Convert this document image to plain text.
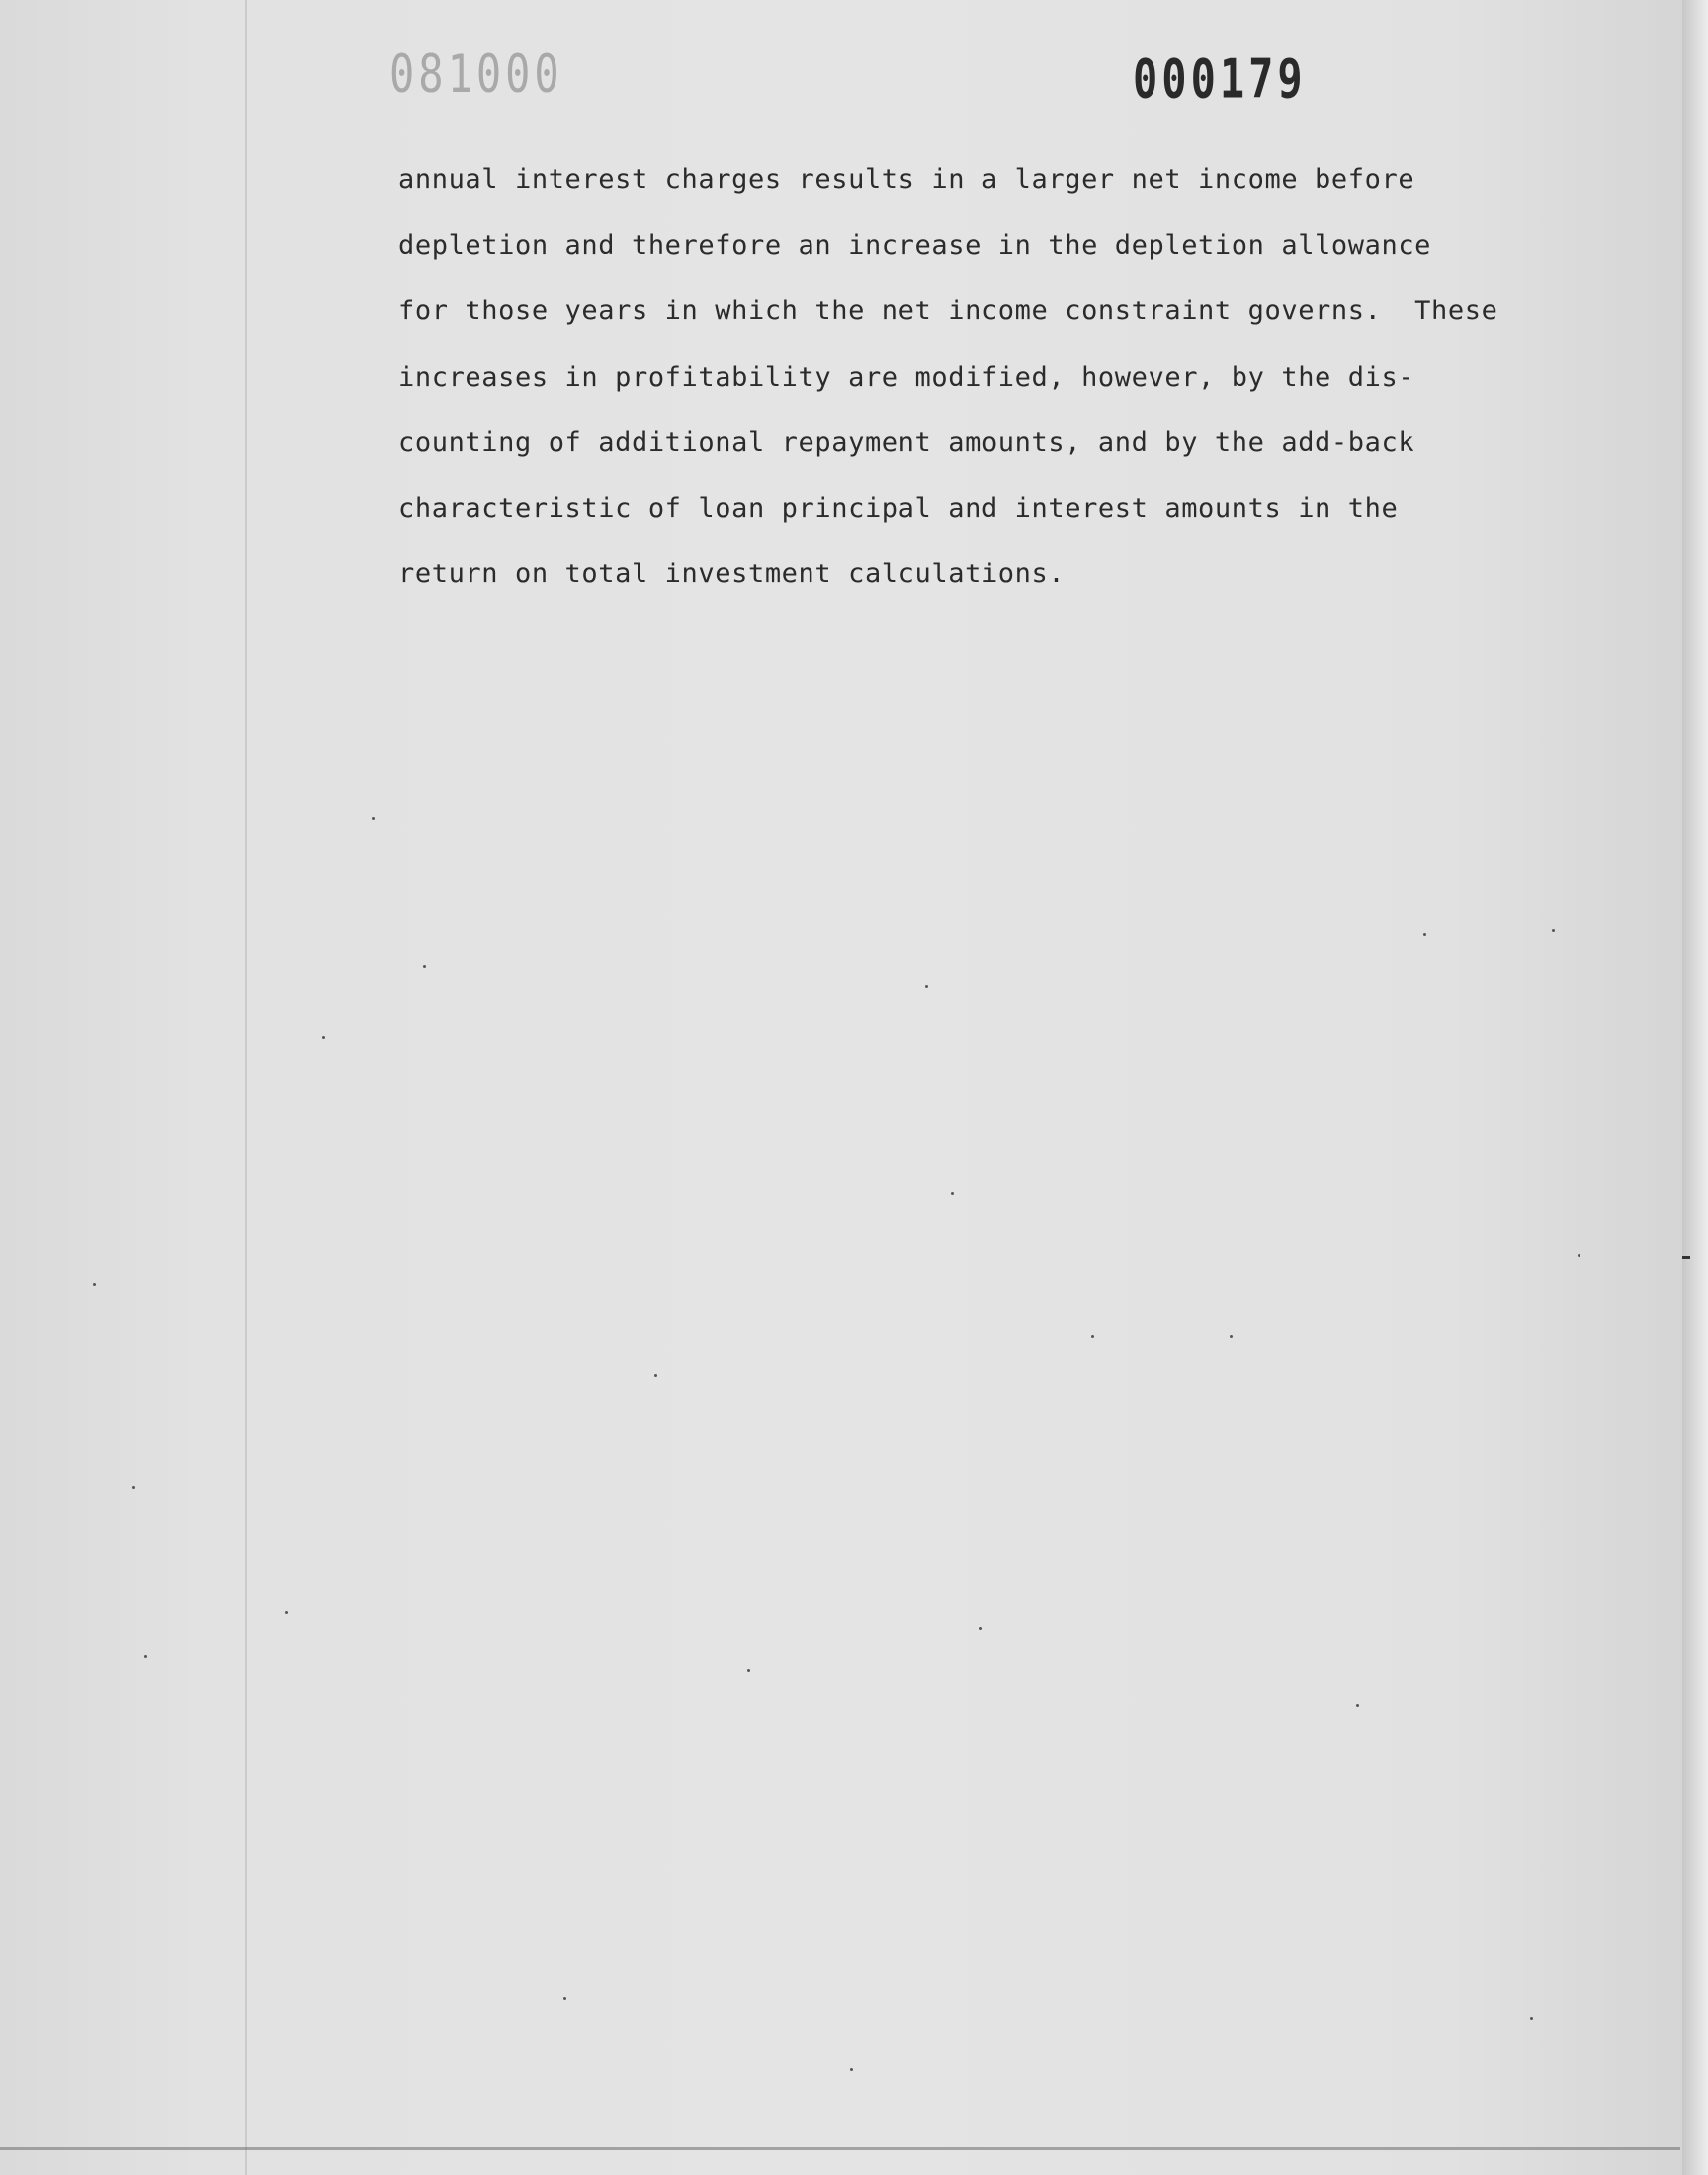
081000	000179
annual interest charges results in a larger net income before
depletion and therefore an increase in the depletion allowance
for those years in which the net income constraint governs.  These
increases in profitability are modified, however, by the dis-
counting of additional repayment amounts, and by the add-back
characteristic of loan principal and interest amounts in the
return on total investment calculations.
